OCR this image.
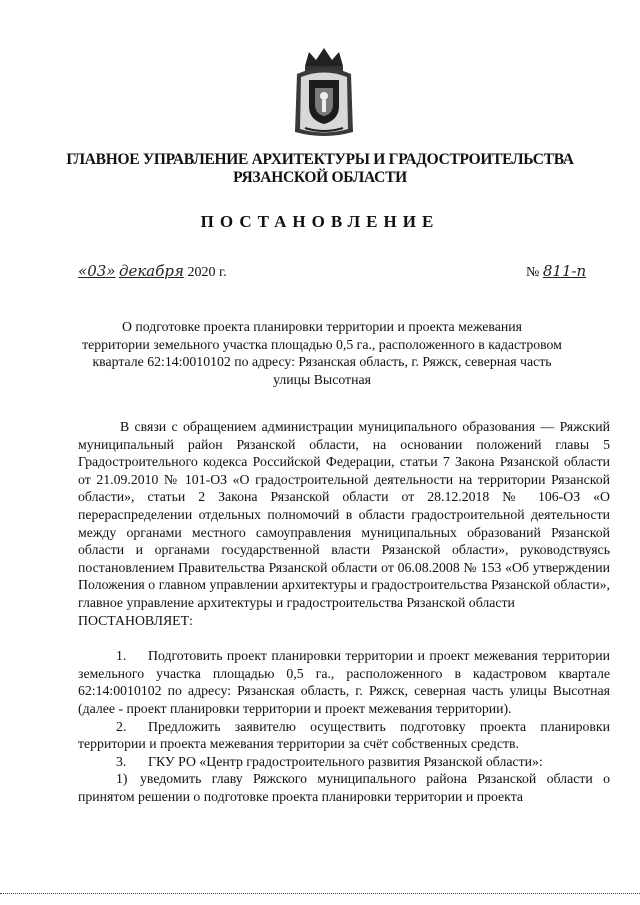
ГЛАВНОЕ УПРАВЛЕНИЕ АРХИТЕКТУРЫ И ГРАДОСТРОИТЕЛЬСТВА
РЯЗАНСКОЙ ОБЛАСТИ
ПОСТАНОВЛЕНИЕ
«03» декабря 2020 г.	№ 811-п
О подготовке проекта планировки территории и проекта межевания
территории земельного участка площадью 0,5 га., расположенного в кадастровом
квартале 62:14:0010102 по адресу: Рязанская область, г. Ряжск, северная часть
улицы Высотная

В связи с обращением администрации муниципального образования — Ряжский муниципальный район Рязанской области, на основании положений главы 5 Градостроительного кодекса Российской Федерации, статьи 7 Закона Рязанской области от 21.09.2010 № 101-ОЗ «О градостроительной деятельности на территории Рязанской области», статьи 2 Закона Рязанской области от 28.12.2018 № 106-ОЗ «О перераспределении отдельных полномочий в области градостроительной деятельности между органами местного самоуправления муниципальных образований Рязанской области и органами государственной власти Рязанской области», руководствуясь постановлением Правительства Рязанской области от 06.08.2008 № 153 «Об утверждении Положения о главном управлении архитектуры и градостроительства Рязанской области», главное управление архитектуры и градостроительства Рязанской области

ПОСТАНОВЛЯЕТ:

1. Подготовить проект планировки территории и проект межевания территории земельного участка площадью 0,5 га., расположенного в кадастровом квартале 62:14:0010102 по адресу: Рязанская область, г. Ряжск, северная часть улицы Высотная (далее - проект планировки территории и проект межевания территории).

2. Предложить заявителю осуществить подготовку проекта планировки территории и проекта межевания территории за счёт собственных средств.

3. ГКУ РО «Центр градостроительного развития Рязанской области»:

1) уведомить главу Ряжского муниципального района Рязанской области о принятом решении о подготовке проекта планировки территории и проекта
